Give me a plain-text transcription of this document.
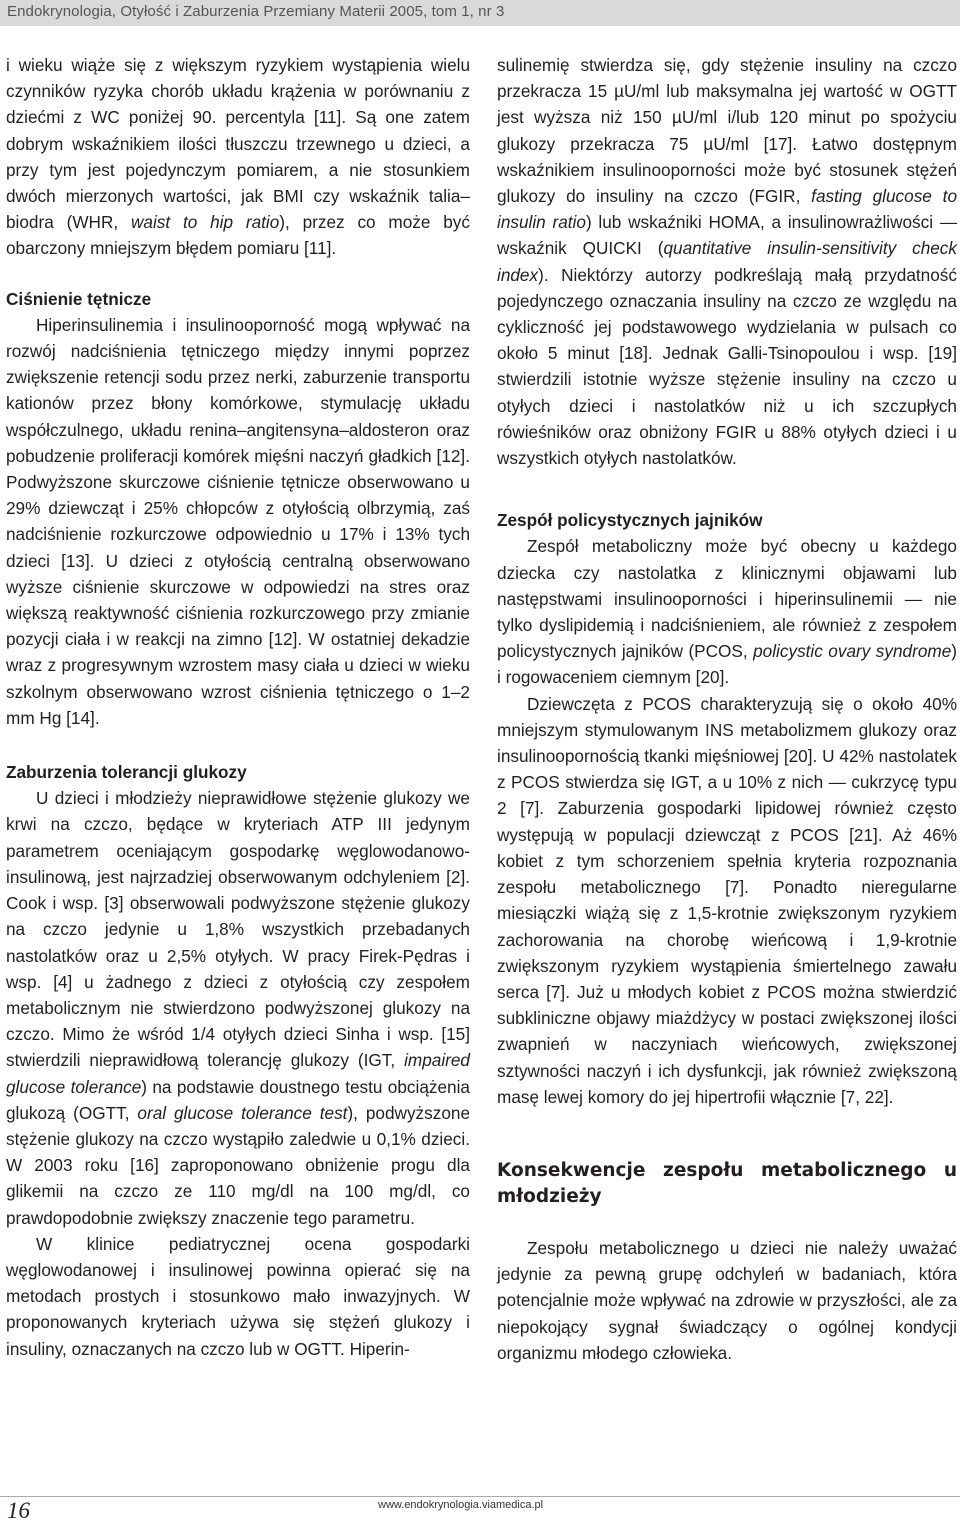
Endokrynologia, Otyłość i Zaburzenia Przemiany Materii 2005, tom 1, nr 3

i wieku wiąże się z większym ryzykiem wystąpienia wielu czynników ryzyka chorób układu krążenia w porównaniu z dziećmi z WC poniżej 90. percentyla [11]. Są one zatem dobrym wskaźnikiem ilości tłuszczu trzewnego u dzieci, a przy tym jest pojedynczym pomiarem, a nie stosunkiem dwóch mierzonych wartości, jak BMI czy wskaźnik talia–biodra (WHR, waist to hip ratio), przez co może być obarczony mniejszym błędem pomiaru [11].

Ciśnienie tętnicze

Hiperinsulinemia i insulinooporność mogą wpływać na rozwój nadciśnienia tętniczego między innymi poprzez zwiększenie retencji sodu przez nerki, zaburzenie transportu kationów przez błony komórkowe, stymulację układu współczulnego, układu renina–angitensyna–aldosteron oraz pobudzenie proliferacji komórek mięśni naczyń gładkich [12]. Podwyższone skurczowe ciśnienie tętnicze obserwowano u 29% dziewcząt i 25% chłopców z otyłością olbrzymią, zaś nadciśnienie rozkurczowe odpowiednio u 17% i 13% tych dzieci [13]. U dzieci z otyłością centralną obserwowano wyższe ciśnienie skurczowe w odpowiedzi na stres oraz większą reaktywność ciśnienia rozkurczowego przy zmianie pozycji ciała i w reakcji na zimno [12]. W ostatniej dekadzie wraz z progresywnym wzrostem masy ciała u dzieci w wieku szkolnym obserwowano wzrost ciśnienia tętniczego o 1–2 mm Hg [14].

Zaburzenia tolerancji glukozy

U dzieci i młodzieży nieprawidłowe stężenie glukozy we krwi na czczo, będące w kryteriach ATP III jedynym parametrem oceniającym gospodarkę węglowodanowo-insulinową, jest najrzadziej obserwowanym odchyleniem [2]. Cook i wsp. [3] obserwowali podwyższone stężenie glukozy na czczo jedynie u 1,8% wszystkich przebadanych nastolatków oraz u 2,5% otyłych. W pracy Firek-Pędras i wsp. [4] u żadnego z dzieci z otyłością czy zespołem metabolicznym nie stwierdzono podwyższonej glukozy na czczo. Mimo że wśród 1/4 otyłych dzieci Sinha i wsp. [15] stwierdzili nieprawidłową tolerancję glukozy (IGT, impaired glucose tolerance) na podstawie doustnego testu obciążenia glukozą (OGTT, oral glucose tolerance test), podwyższone stężenie glukozy na czczo wystąpiło zaledwie u 0,1% dzieci. W 2003 roku [16] zaproponowano obniżenie progu dla glikemii na czczo ze 110 mg/dl na 100 mg/dl, co prawdopodobnie zwiększy znaczenie tego parametru.

W klinice pediatrycznej ocena gospodarki węglowodanowej i insulinowej powinna opierać się na metodach prostych i stosunkowo mało inwazyjnych. W proponowanych kryteriach używa się stężeń glukozy i insuliny, oznaczanych na czczo lub w OGTT. Hiperin-

sulinemię stwierdza się, gdy stężenie insuliny na czczo przekracza 15 µU/ml lub maksymalna jej wartość w OGTT jest wyższa niż 150 µU/ml i/lub 120 minut po spożyciu glukozy przekracza 75 µU/ml [17]. Łatwo dostępnym wskaźnikiem insulinooporności może być stosunek stężeń glukozy do insuliny na czczo (FGIR, fasting glucose to insulin ratio) lub wskaźniki HOMA, a insulinowrażliwości — wskaźnik QUICKI (quantitative insulin-sensitivity check index). Niektórzy autorzy podkreślają małą przydatność pojedynczego oznaczania insuliny na czczo ze względu na cykliczność jej podstawowego wydzielania w pulsach co około 5 minut [18]. Jednak Galli-Tsinopoulou i wsp. [19] stwierdzili istotnie wyższe stężenie insuliny na czczo u otyłych dzieci i nastolatków niż u ich szczupłych rówieśników oraz obniżony FGIR u 88% otyłych dzieci i u wszystkich otyłych nastolatków.

Zespół policystycznych jajników

Zespół metaboliczny może być obecny u każdego dziecka czy nastolatka z klinicznymi objawami lub następstwami insulinooporności i hiperinsulinemii — nie tylko dyslipidemią i nadciśnieniem, ale również z zespołem policystycznych jajników (PCOS, policystic ovary syndrome) i rogowaceniem ciemnym [20].

Dziewczęta z PCOS charakteryzują się o około 40% mniejszym stymulowanym INS metabolizmem glukozy oraz insulinoopornością tkanki mięśniowej [20]. U 42% nastolatek z PCOS stwierdza się IGT, a u 10% z nich — cukrzycę typu 2 [7]. Zaburzenia gospodarki lipidowej również często występują w populacji dziewcząt z PCOS [21]. Aż 46% kobiet z tym schorzeniem spełnia kryteria rozpoznania zespołu metabolicznego [7]. Ponadto nieregularne miesiączki wiążą się z 1,5-krotnie zwiększonym ryzykiem zachorowania na chorobę wieńcową i 1,9-krotnie zwiększonym ryzykiem wystąpienia śmiertelnego zawału serca [7]. Już u młodych kobiet z PCOS można stwierdzić subkliniczne objawy miażdżycy w postaci zwiększonej ilości zwapnień w naczyniach wieńcowych, zwiększonej sztywności naczyń i ich dysfunkcji, jak również zwiększoną masę lewej komory do jej hipertrofii włącznie [7, 22].

Konsekwencje zespołu metabolicznego u młodzieży

Zespołu metabolicznego u dzieci nie należy uważać jedynie za pewną grupę odchyleń w badaniach, która potencjalnie może wpływać na zdrowie w przyszłości, ale za niepokojący sygnał świadczący o ogólnej kondycji organizmu młodego człowieka.

16	www.endokrynologia.viamedica.pl
